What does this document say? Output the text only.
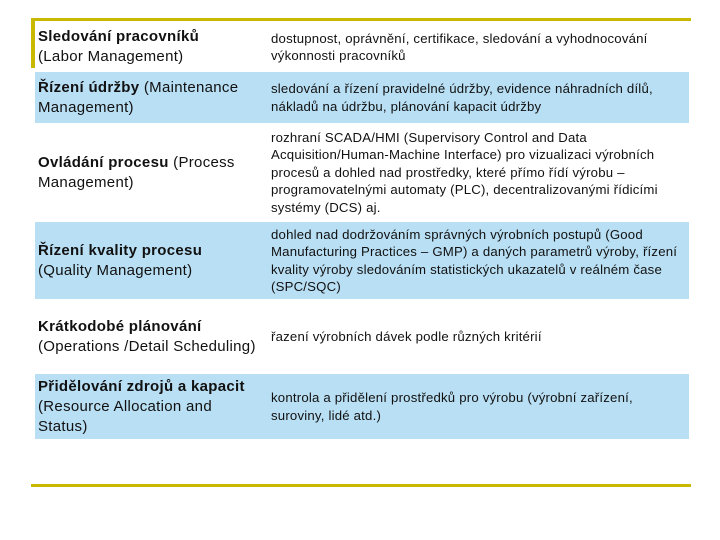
Sledování pracovníků
(Labor Management)
dostupnost, oprávnění, certifikace, sledování a vyhodnocování výkonnosti pracovníků
Řízení údržby (Maintenance Management)
sledování a řízení pravidelné údržby, evidence náhradních dílů, nákladů na údržbu, plánování kapacit údržby
Ovládání procesu (Process Management)
rozhraní SCADA/HMI (Supervisory Control and Data Acquisition/Human-Machine Interface) pro vizualizaci výrobních procesů a dohled nad prostředky, které přímo řídí výrobu – programovatelnými automaty (PLC), decentralizovanými řídicími systémy (DCS) aj.
Řízení kvality procesu
(Quality Management)
dohled nad dodržováním správných výrobních postupů (Good Manufacturing Practices – GMP) a daných parametrů výroby, řízení kvality výroby sledováním statistických ukazatelů v reálném čase (SPC/SQC)
Krátkodobé plánování
(Operations /Detail Scheduling)
řazení výrobních dávek podle různých kritérií
Přidělování zdrojů a kapacit (Resource Allocation and Status)
kontrola a přidělení prostředků pro výrobu (výrobní zařízení, suroviny, lidé atd.)
